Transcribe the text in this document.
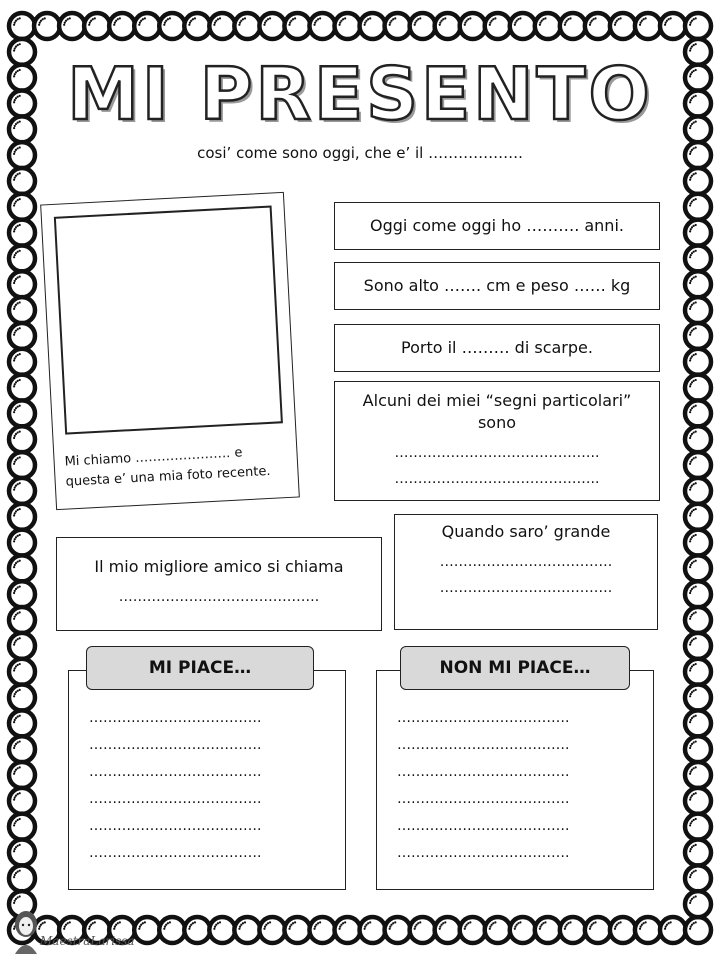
MI PRESENTO
cosi’ come sono oggi, che e’ il ……………….
Mi chiamo …………………. e
questa e’ una mia foto recente.
Oggi come oggi ho ………. anni.
Sono alto ……. cm e peso …… kg
Porto il ……… di scarpe.
Alcuni dei miei “segni particolari”
sono
……………………………………..
……………………………………..
Quando saro’ grande
……………………………….
……………………………….
Il mio migliore amico si chiama
…………………………………….
……………………………….
……………………………….
……………………………….
……………………………….
……………………………….
……………………………….
MI PIACE…
……………………………….
……………………………….
……………………………….
……………………………….
……………………………….
……………………………….
NON MI PIACE…
MaestraLarissa
